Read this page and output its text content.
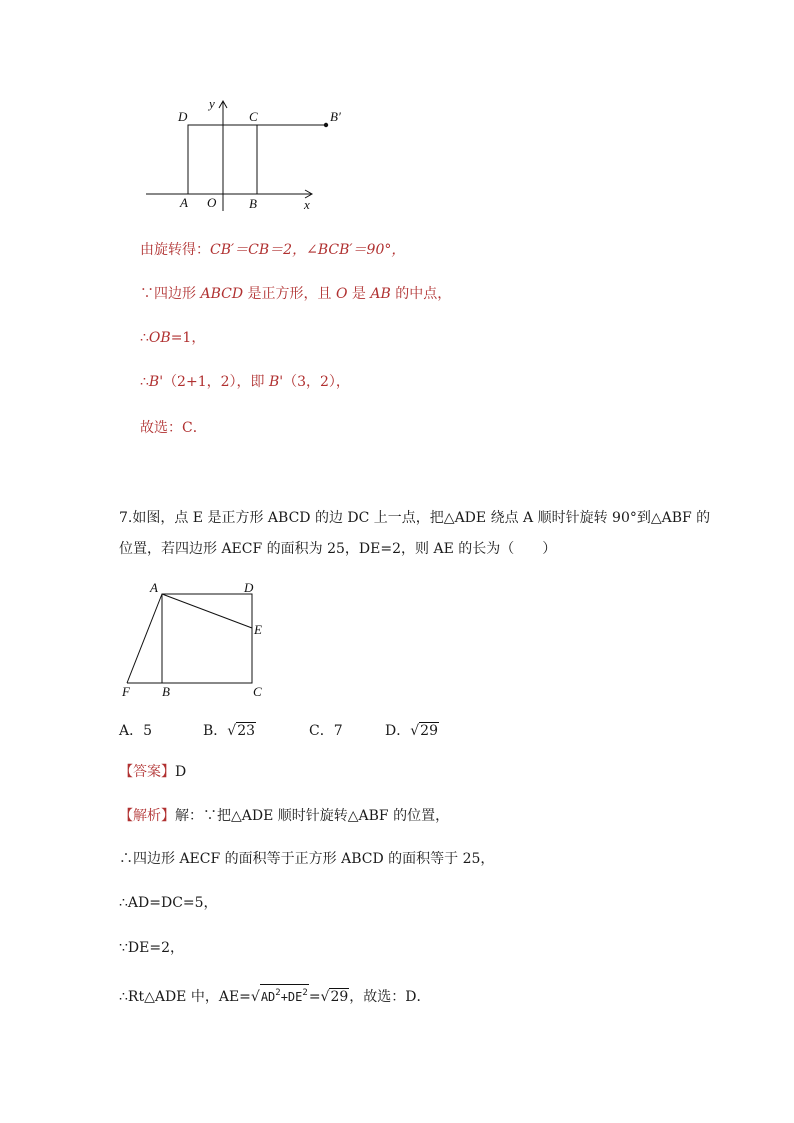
y
D	C	B′
A O	B	x
由旋转得：CB′＝CB＝2，∠BCB′＝90°，
∵四边形 ABCD 是正方形，且 O 是 AB 的中点，
∴OB=1，
∴B'（2+1，2），即 B'（3，2），
故选：C．
7.如图，点 E 是正方形 ABCD 的边 DC 上一点，把△ADE 绕点 A 顺时针旋转 90°到△ABF 的
位置，若四边形 AECF 的面积为 25，DE=2，则 AE 的长为（　　）
A	D
E
F B	C
A．5	B．√23	C．7	D．√29
【答案】D
【解析】解：∵把△ADE 顺时针旋转△ABF 的位置，
∴四边形 AECF 的面积等于正方形 ABCD 的面积等于 25，
∴AD=DC=5，
∵DE=2，
∴Rt△ADE 中，$AE=√AD^2+DE^2=√29$，故选：D．
